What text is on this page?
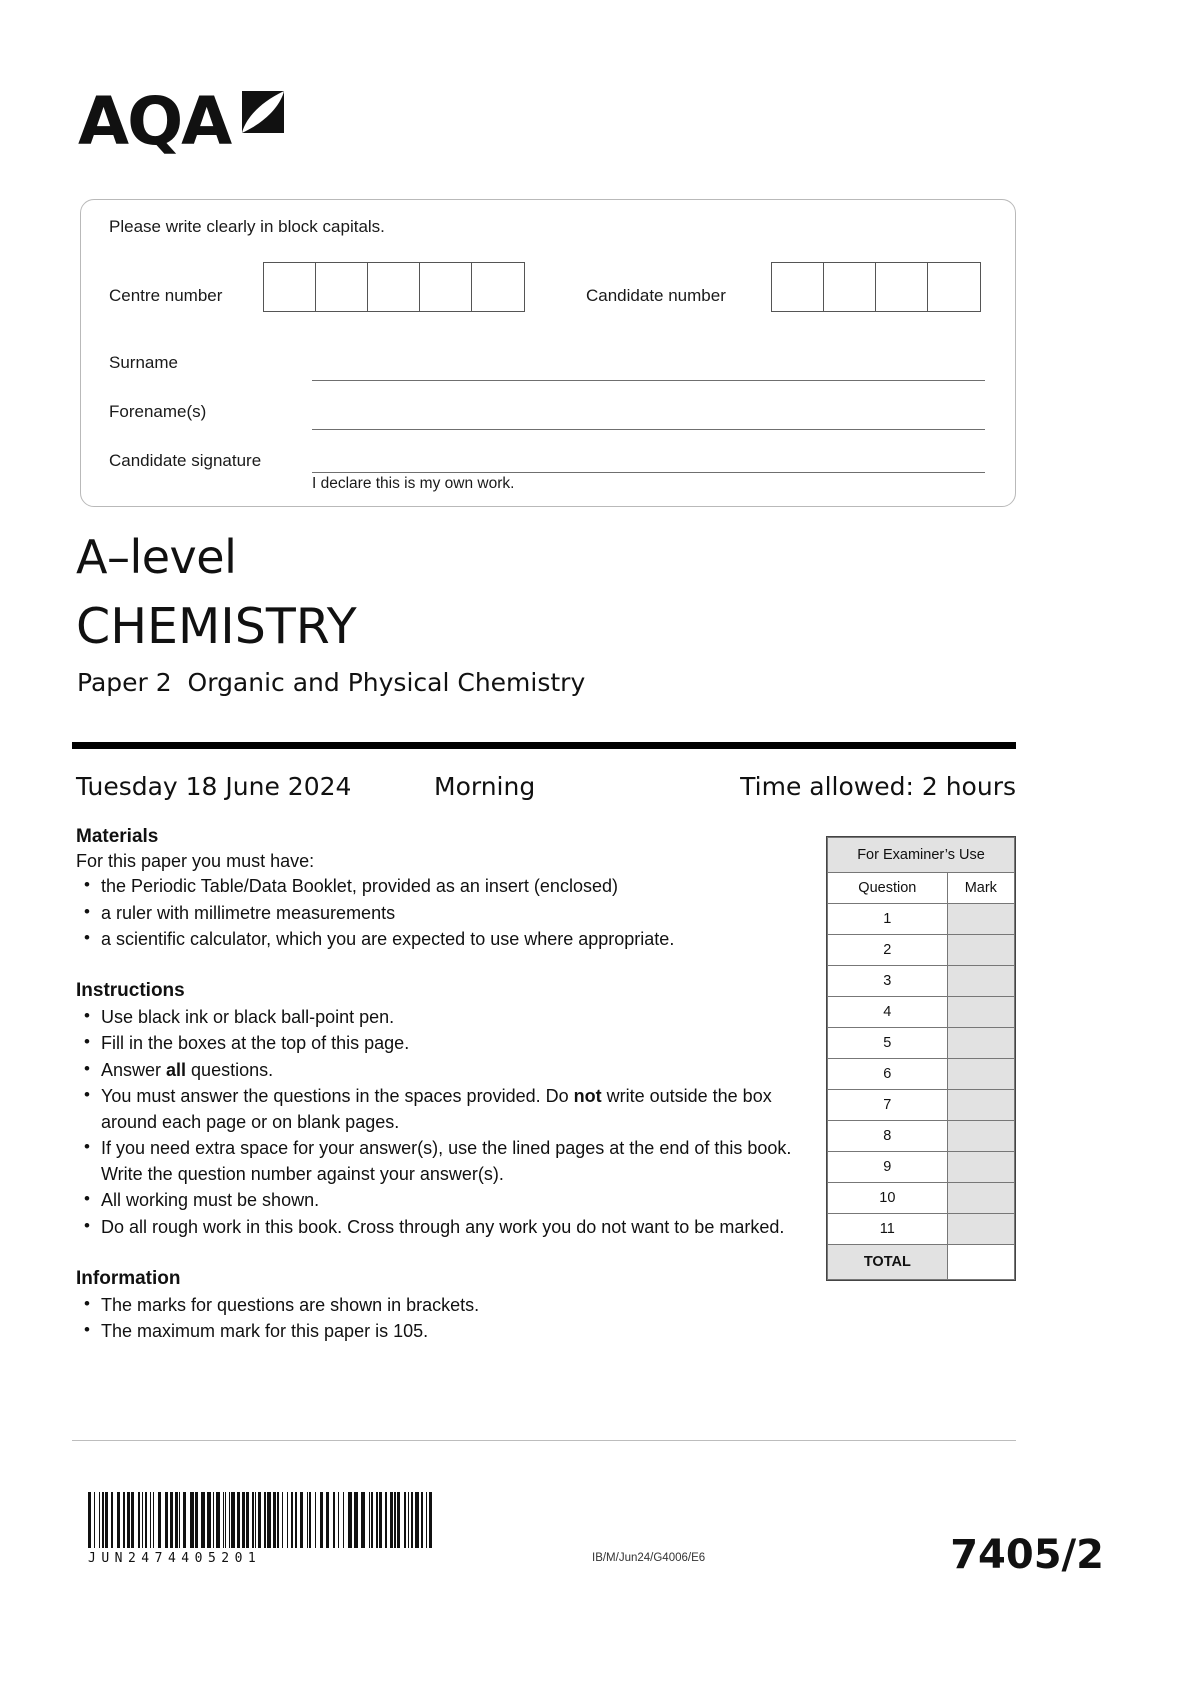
AQA
Please write clearly in block capitals.
Centre number	Candidate number
Surname
Forename(s)
Candidate signature
I declare this is my own work.
A–level
CHEMISTRY
Paper 2  Organic and Physical Chemistry
Tuesday 18 June 2024	Morning	Time allowed: 2 hours
Materials
For this paper you must have:
• the Periodic Table/Data Booklet, provided as an insert (enclosed)
• a ruler with millimetre measurements
• a scientific calculator, which you are expected to use where appropriate.
Instructions
• Use black ink or black ball-point pen.
• Fill in the boxes at the top of this page.
• Answer all questions.
• You must answer the questions in the spaces provided. Do not write outside the box around each page or on blank pages.
• If you need extra space for your answer(s), use the lined pages at the end of this book. Write the question number against your answer(s).
• All working must be shown.
• Do all rough work in this book. Cross through any work you do not want to be marked.
Information
• The marks for questions are shown in brackets.
• The maximum mark for this paper is 105.
For Examiner’s Use	
Question	Mark
1	
2	
3	
4	
5	
6	
7	
8	
9	
10	
11	
TOTAL	
JUN2474405201	IB/M/Jun24/G4006/E6	7405/2
